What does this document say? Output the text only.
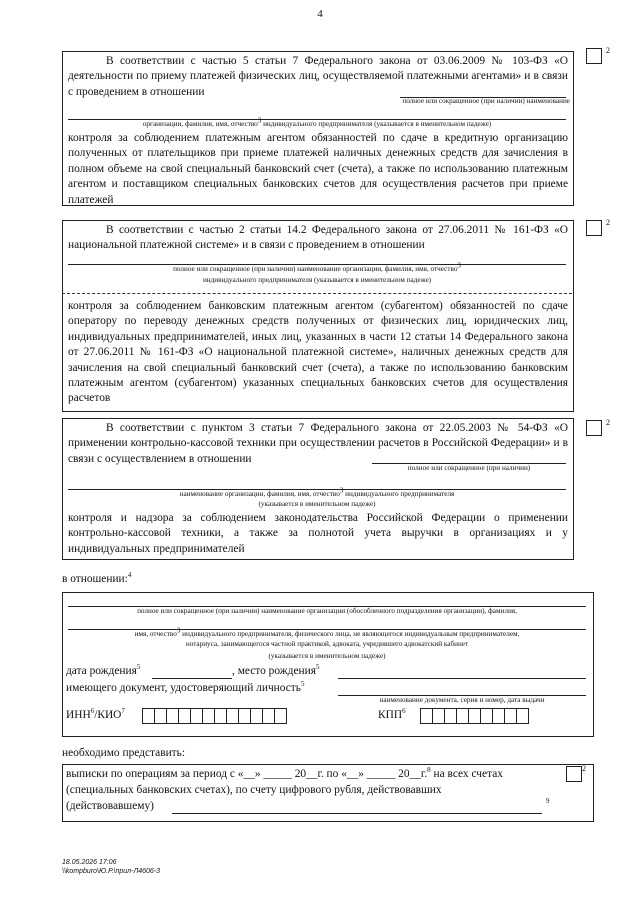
4
В соответствии с частью 5 статьи 7 Федерального закона от 03.06.2009 № 103-ФЗ «О деятельности по приему платежей физических лиц, осуществляемой платежными агентами» и в связи с проведением в отношении
полное или сокращенное (при наличии) наименование
организации, фамилия, имя, отчество3 индивидуального предпринимателя (указывается в именительном падеже)
контроля за соблюдением платежным агентом обязанностей по сдаче в кредитную организацию полученных от плательщиков при приеме платежей наличных денежных средств для зачисления в полном объеме на свой специальный банковский счет (счета), а также по использованию платежным агентом и поставщиком специальных банковских счетов для осуществления расчетов при приеме платежей
2
В соответствии с частью 2 статьи 14.2 Федерального закона от 27.06.2011 № 161-ФЗ «О национальной платежной системе» и в связи с проведением в отношении
полное или сокращенное (при наличии) наименование организации, фамилия, имя, отчество3
индивидуального предпринимателя (указывается в именительном падеже)
контроля за соблюдением банковским платежным агентом (субагентом) обязанностей по сдаче оператору по переводу денежных средств полученных от физических лиц, юридических лиц, индивидуальных предпринимателей, иных лиц, указанных в части 12 статьи 14 Федерального закона от 27.06.2011 № 161-ФЗ «О национальной платежной системе», наличных денежных средств для зачисления на свой специальный банковский счет (счета), а также по использованию банковским платежным агентом (субагентом) указанных специальных банковских счетов для осуществления расчетов
2
В соответствии с пунктом 3 статьи 7 Федерального закона от 22.05.2003 № 54-ФЗ «О применении контрольно-кассовой техники при осуществлении расчетов в Российской Федерации» и в связи с осуществлением в отношении
полное или сокращенное (при наличии)
наименование организации, фамилия, имя, отчество3 индивидуального предпринимателя
(указывается в именительном падеже)
контроля и надзора за соблюдением законодательства Российской Федерации о применении контрольно-кассовой техники, а также за полнотой учета выручки в организациях и у индивидуальных предпринимателей
2
в отношении:$^4$
полное или сокращенное (при наличии) наименование организации (обособленного подразделения организации), фамилия,
имя, отчество3 индивидуального предпринимателя, физического лица, не являющегося индивидуальным предпринимателем,
нотариуса, занимающегося частной практикой, адвоката, учредившего адвокатский кабинет
(указывается в именительном падеже)
дата рождения$^5$	, место рождения$^5$
имеющего документ, удостоверяющий личность$^5$
наименование документа, серия и номер, дата выдачи
ИНН$^6$/КИО$^7$	КПП$^6$
необходимо представить:
выписки по операциям за период с «__» _____ 20__г. по «__» _____ 20__г.$^8$ на всех счетах	2
(специальных банковских счетах), по счету цифрового рубля, действовавших
(действовавшему)	9
18.05.2026 17:06
\\kompburo\Ю.Р.\прил-Л4606-3
